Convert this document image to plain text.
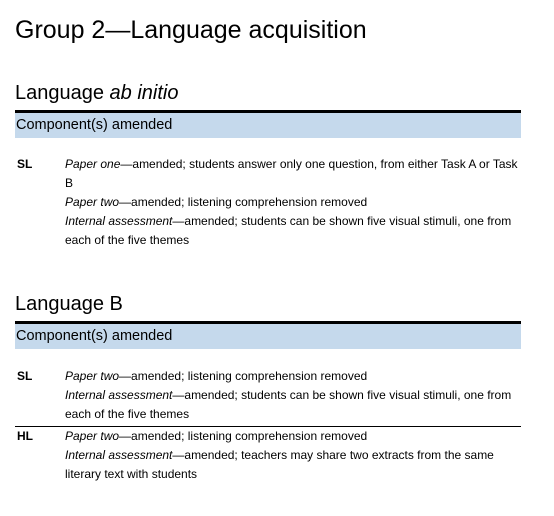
Group 2—Language acquisition
Language ab initio
Component(s) amended
SL	Paper one—amended; students answer only one question, from either Task A or Task B
Paper two—amended; listening comprehension removed
Internal assessment—amended; students can be shown five visual stimuli, one from each of the five themes
Language B
Component(s) amended
SL	Paper two—amended; listening comprehension removed
Internal assessment—amended; students can be shown five visual stimuli, one from each of the five themes
HL	Paper two—amended; listening comprehension removed
Internal assessment—amended; teachers may share two extracts from the same literary text with students
